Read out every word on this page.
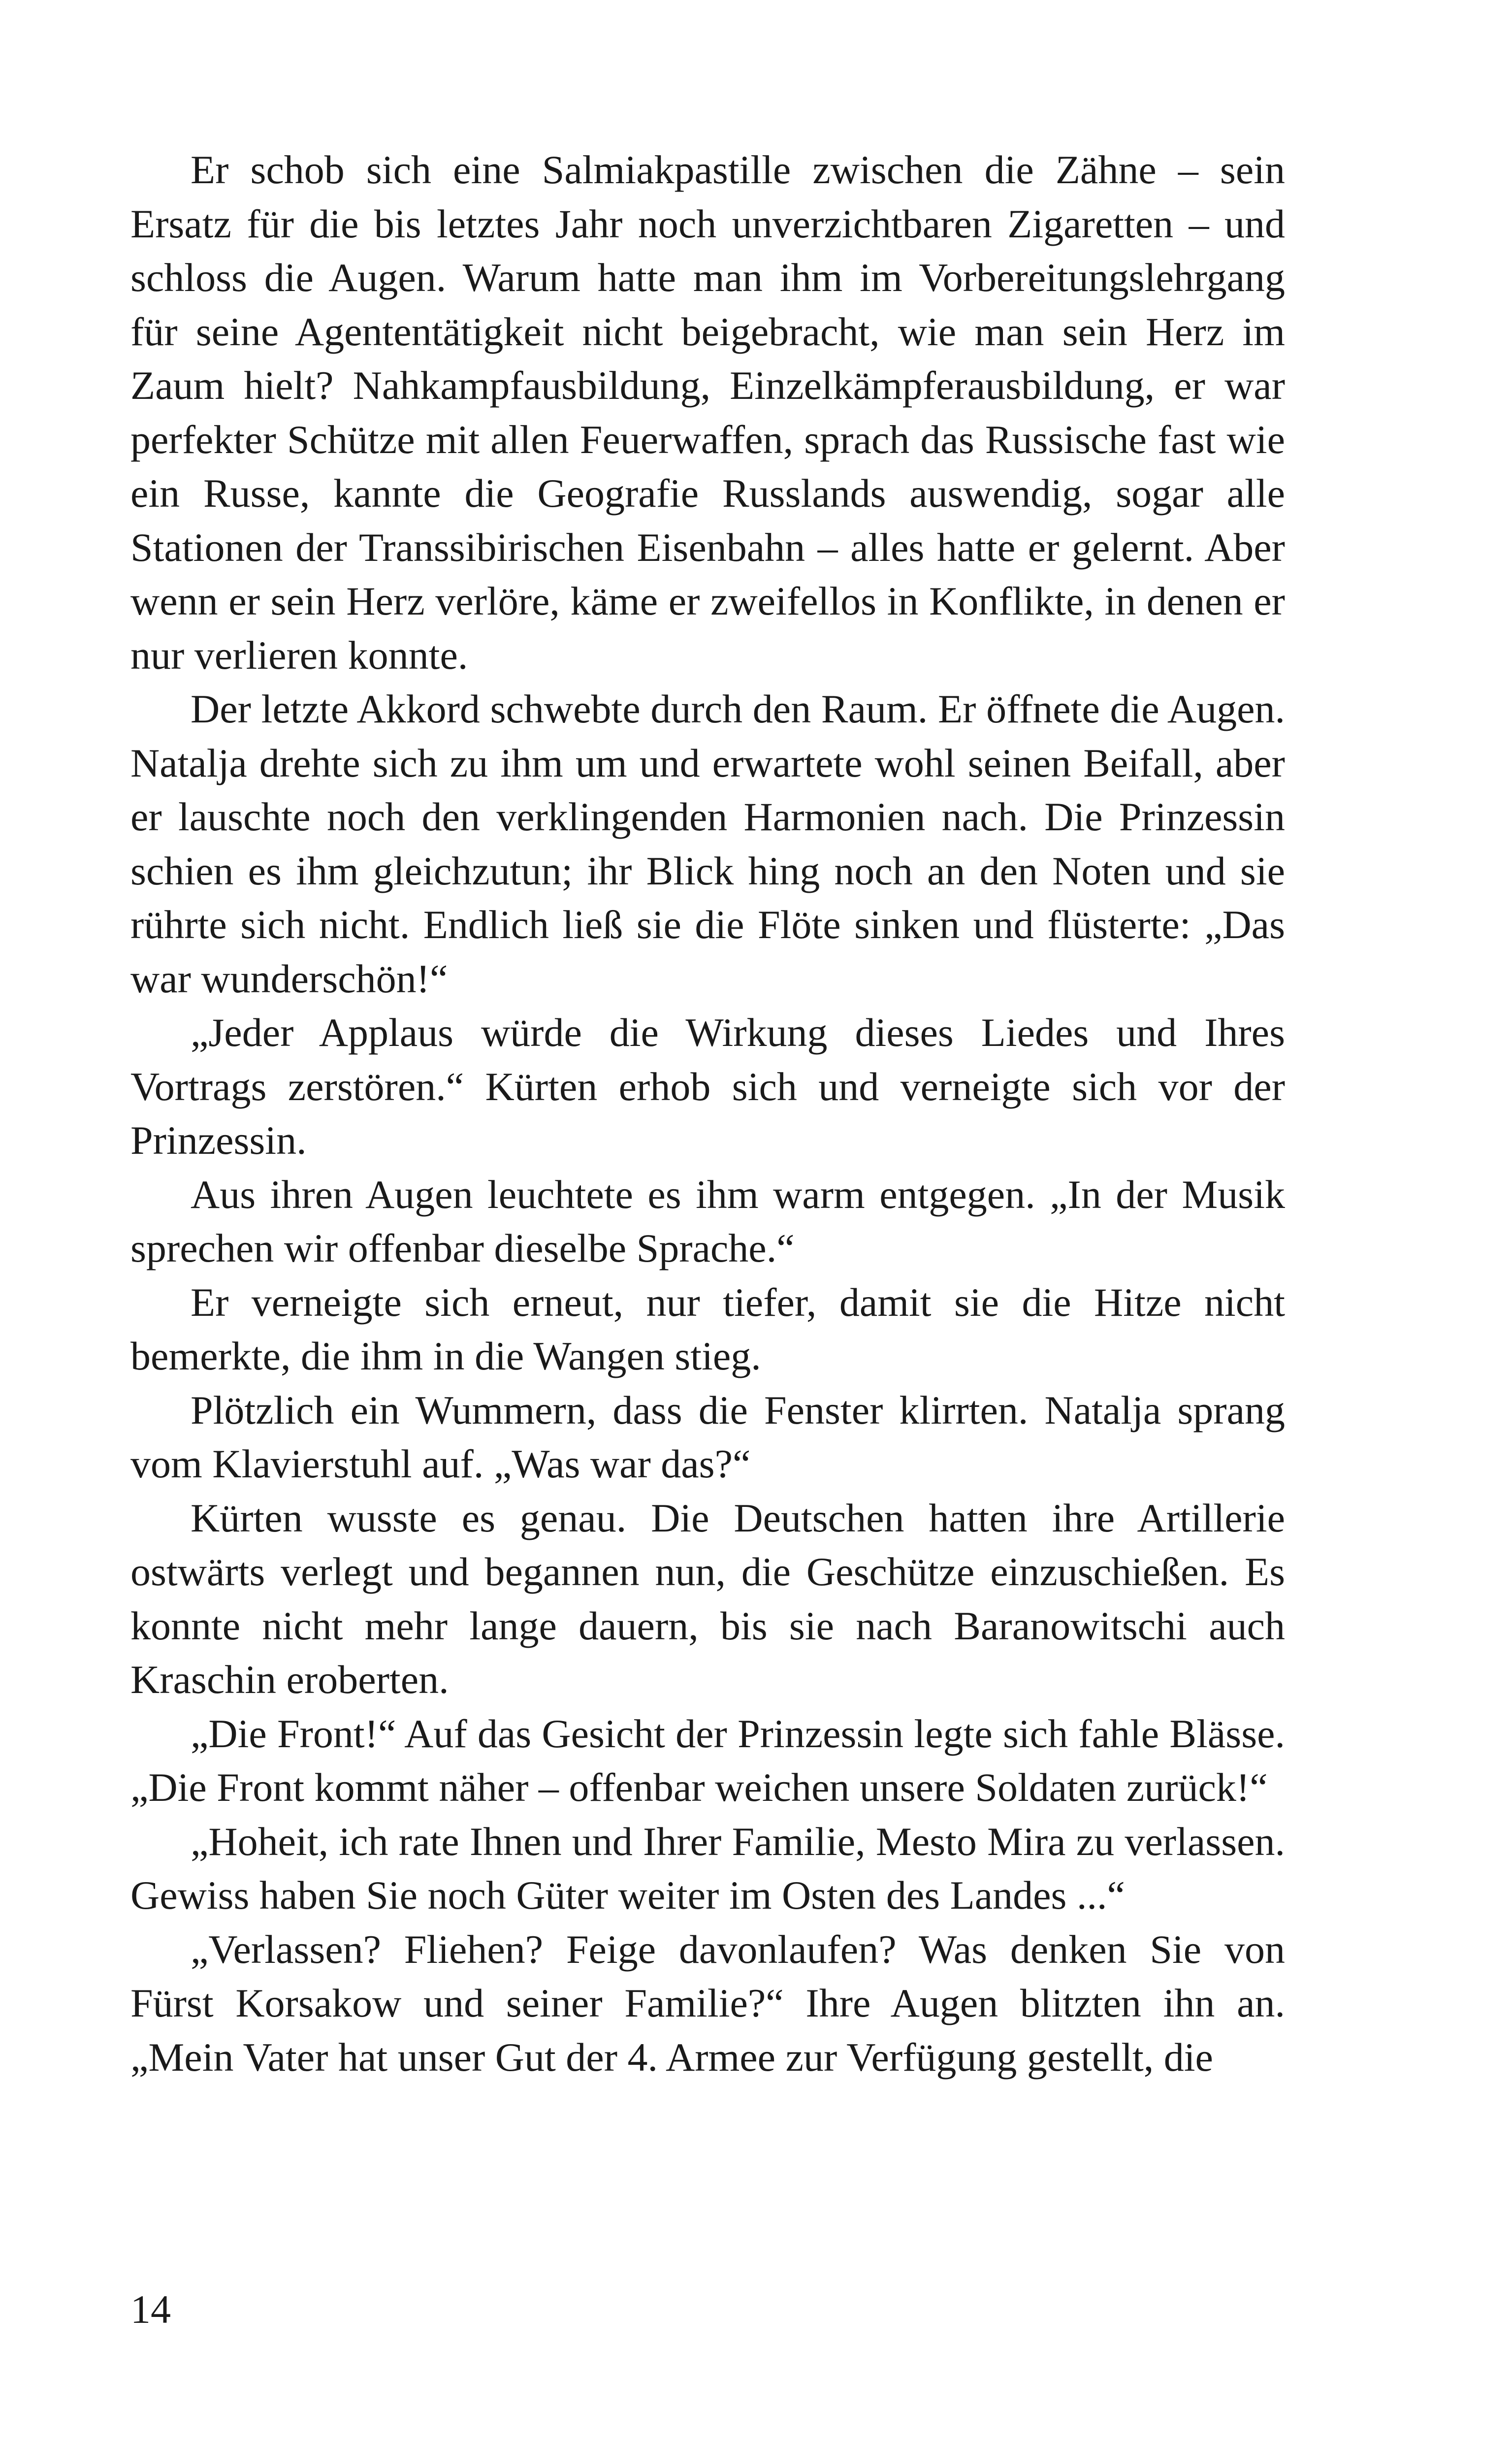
Er schob sich eine Salmiakpastille zwischen die Zähne – sein Ersatz für die bis letztes Jahr noch unverzichtbaren Zigaretten – und schloss die Augen. Warum hatte man ihm im Vorbereitungslehrgang für seine Agententätigkeit nicht beigebracht, wie man sein Herz im Zaum hielt? Nahkampfausbildung, Einzelkämpferausbildung, er war perfekter Schütze mit allen Feuerwaffen, sprach das Russische fast wie ein Russe, kannte die Geografie Russlands auswendig, sogar alle Stationen der Transsibirischen Eisenbahn – alles hatte er gelernt. Aber wenn er sein Herz verlöre, käme er zweifellos in Konflikte, in denen er nur verlieren konnte.

Der letzte Akkord schwebte durch den Raum. Er öffnete die Augen. Natalja drehte sich zu ihm um und erwartete wohl seinen Beifall, aber er lauschte noch den verklingenden Harmonien nach. Die Prinzessin schien es ihm gleichzutun; ihr Blick hing noch an den Noten und sie rührte sich nicht. Endlich ließ sie die Flöte sinken und flüsterte: „Das war wunderschön!“

„Jeder Applaus würde die Wirkung dieses Liedes und Ihres Vortrags zerstören.“ Kürten erhob sich und verneigte sich vor der Prinzessin.

Aus ihren Augen leuchtete es ihm warm entgegen. „In der Musik sprechen wir offenbar dieselbe Sprache.“

Er verneigte sich erneut, nur tiefer, damit sie die Hitze nicht bemerkte, die ihm in die Wangen stieg.

Plötzlich ein Wummern, dass die Fenster klirrten. Natalja sprang vom Klavierstuhl auf. „Was war das?“

Kürten wusste es genau. Die Deutschen hatten ihre Artillerie ostwärts verlegt und begannen nun, die Geschütze einzuschießen. Es konnte nicht mehr lange dauern, bis sie nach Baranowitschi auch Kraschin eroberten.

„Die Front!“ Auf das Gesicht der Prinzessin legte sich fahle Blässe. „Die Front kommt näher – offenbar weichen unsere Soldaten zurück!“

„Hoheit, ich rate Ihnen und Ihrer Familie, Mesto Mira zu verlassen. Gewiss haben Sie noch Güter weiter im Osten des Landes ...“

„Verlassen? Fliehen? Feige davonlaufen? Was denken Sie von Fürst Korsakow und seiner Familie?“ Ihre Augen blitzten ihn an. „Mein Vater hat unser Gut der 4. Armee zur Verfügung gestellt, die

14
